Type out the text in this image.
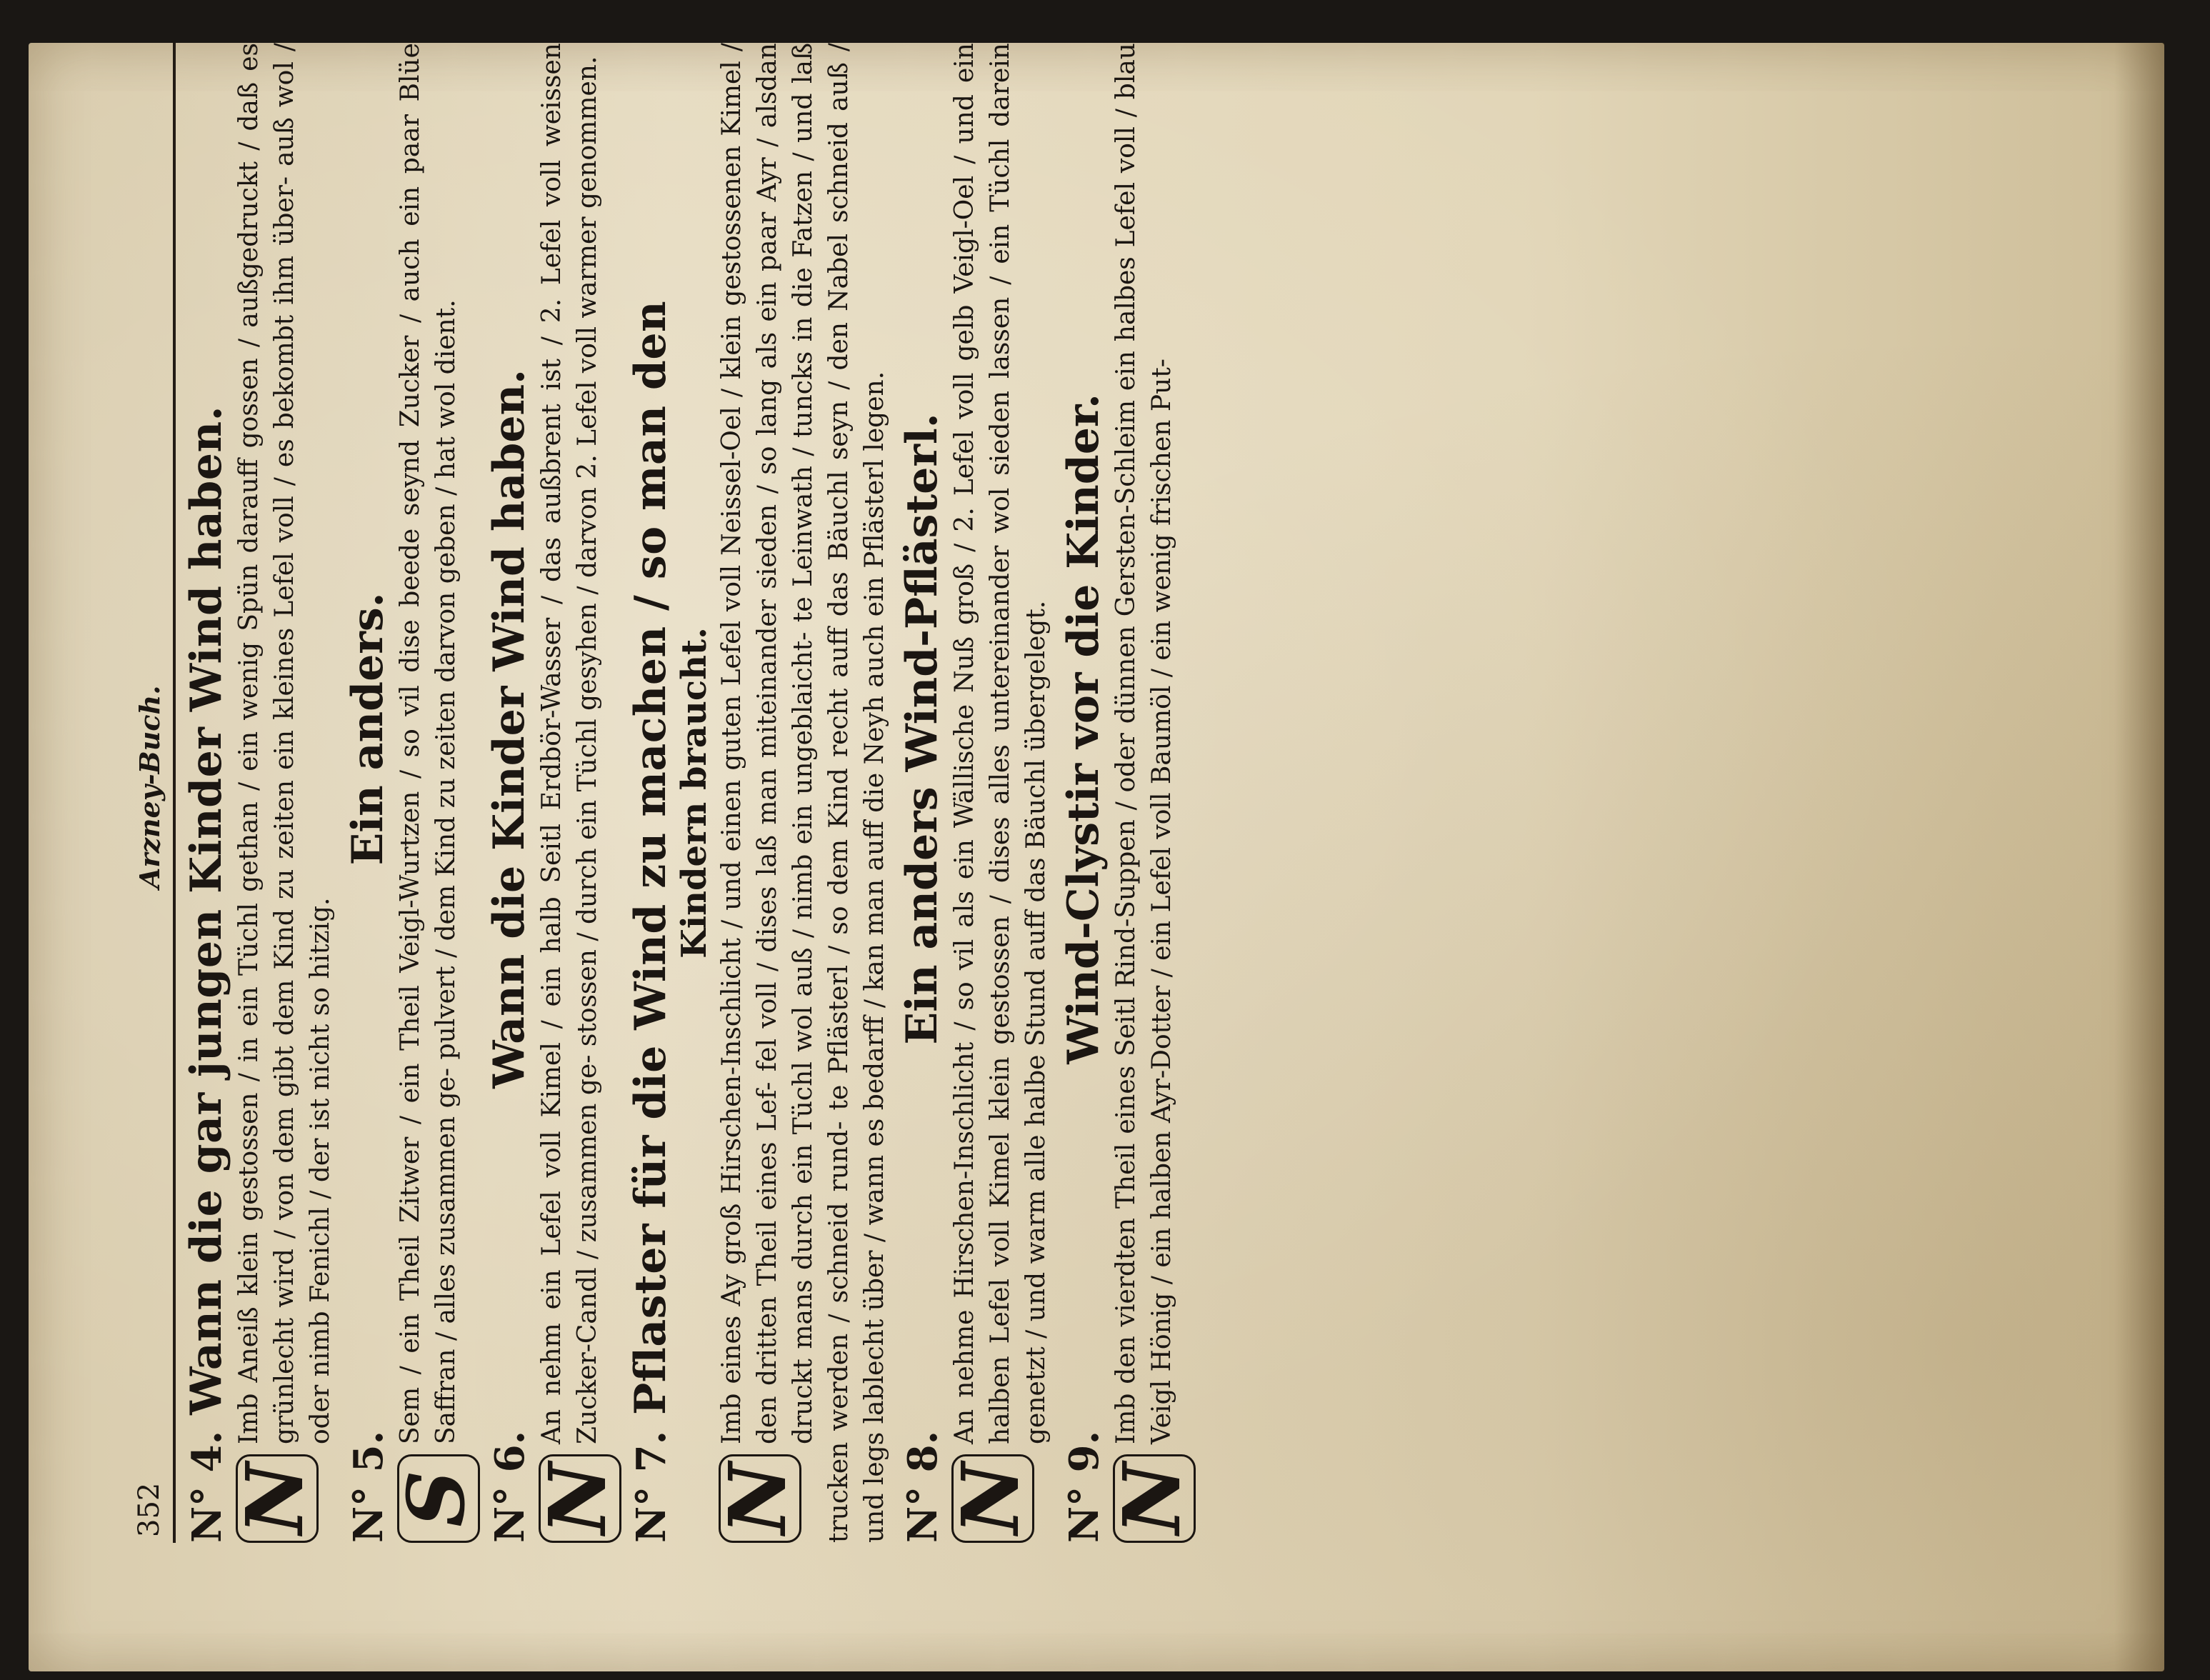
352
Arzney-Buch.
N° 4.
Wann die gar jungen Kinder Wind haben.
N
Imb Aneiß klein gestossen / in ein Tüchl gethan / ein wenig Spün darauff gossen / außgedruckt / daß es grünlecht wird / von dem gibt dem Kind zu zeiten ein kleines Lefel voll / es bekombt ihm über- auß wol / oder nimb Fenichl / der ist nicht so hitzig.
N° 5.
Ein anders.
S
Sem / ein Theil Zitwer / ein Theil Veigl-Wurtzen / so vil dise beede seynd Zucker / auch ein paar Blüe Saffran / alles zusammen ge- pulvert / dem Kind zu zeiten darvon geben / hat wol dient.
N° 6.
Wann die Kinder Wind haben.
N
An nehm ein Lefel voll Kimel / ein halb Seitl Erdbör-Wasser / das außbrent ist / 2. Lefel voll weissen Zucker-Candl / zusammen ge- stossen / durch ein Tüchl gesyhen / darvon 2. Lefel voll warmer genommen.
N° 7.
Pflaster für die Wind zu machen / so man den
Kindern braucht.
N
Imb eines Ay groß Hirschen-Inschlicht / und einen guten Lefel voll Neissel-Oel / klein gestossenen Kimel / den dritten Theil eines Lef- fel voll / dises laß man miteinander sieden / so lang als ein paar Ayr / alsdan druckt mans durch ein Tüchl wol auß / nimb ein ungeblaicht- te Leinwath / tuncks in die Fatzen / und laß trucken werden / schneid rund- te Pflästerl / so dem Kind recht auff das Bäuchl seyn / den Nabel schneid auß / und legs lablecht über / wann es bedarff / kan man auff die Neyh auch ein Pflästerl legen. N° 8.
Ein anders Wind-Pflästerl.
N
An nehme Hirschen-Inschlicht / so vil als ein Wällische Nuß groß / 2. Lefel voll gelb Veigl-Oel / und ein halben Lefel voll Kimel klein gestossen / dises alles untereinander wol sieden lassen / ein Tüchl darein genetzt / und warm alle halbe Stund auff das Bäuchl übergelegt.
N° 9.
Wind-Clystir vor die Kinder.
N
Imb den vierdten Theil eines Seitl Rind-Suppen / oder dünnen Gersten-Schleim ein halbes Lefel voll / blau Veigl Hönig / ein halben Ayr-Dotter / ein Lefel voll Baumöl / ein wenig frischen Put-
